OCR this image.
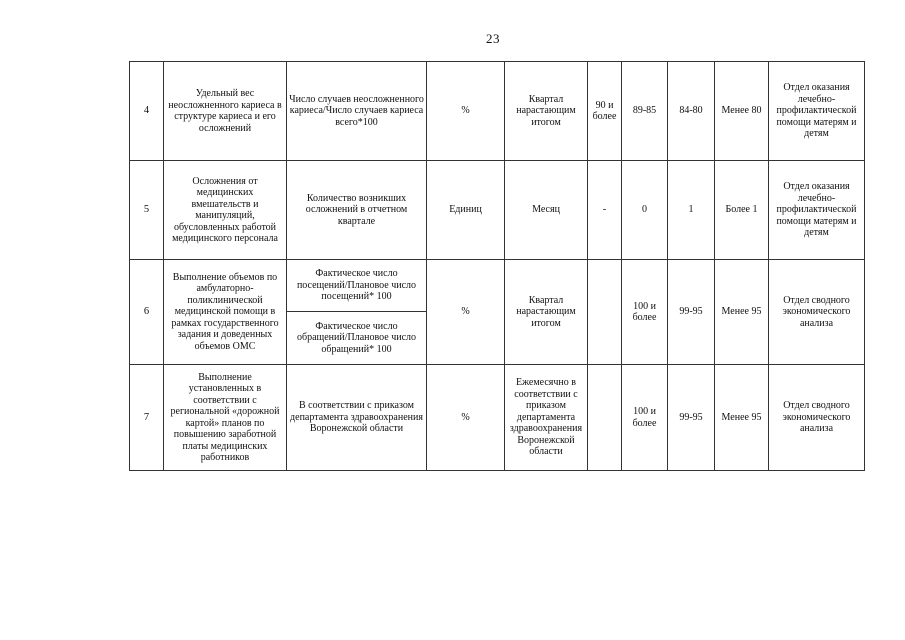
23
4	Удельный вес неосложненного кариеса в структуре кариеса и его осложнений	Число случаев неосложненного кариеса/Число случаев кариеса всего*100	%	Квартал нарастающим итогом	90 и более	89-85	84-80	Менее 80	Отдел оказания лечебно-профилактической помощи матерям и детям
5	Осложнения от медицинских вмешательств и манипуляций, обусловленных работой медицинского персонала	Количество возникших осложнений в отчетном квартале	Единиц	Месяц	-	0	1	Более 1	Отдел оказания лечебно-профилактической помощи матерям и детям
6	Выполнение объемов по амбулаторно-поликлинической медицинской помощи в рамках государственного задания и доведенных объемов ОМС	Фактическое число посещений/Плановое число посещений* 100	%	Квартал нарастающим итогом		100 и более	99-95	Менее 95	Отдел сводного экономического анализа
		Фактическое число обращений/Плановое число обращений* 100							
7	Выполнение установленных в соответствии с региональной «дорожной картой» планов по повышению заработной платы медицинских работников	В соответствии с приказом департамента здравоохранения Воронежской области	%	Ежемесячно в соответствии с приказом департамента здравоохранения Воронежской области		100 и более	99-95	Менее 95	Отдел сводного экономического анализа
